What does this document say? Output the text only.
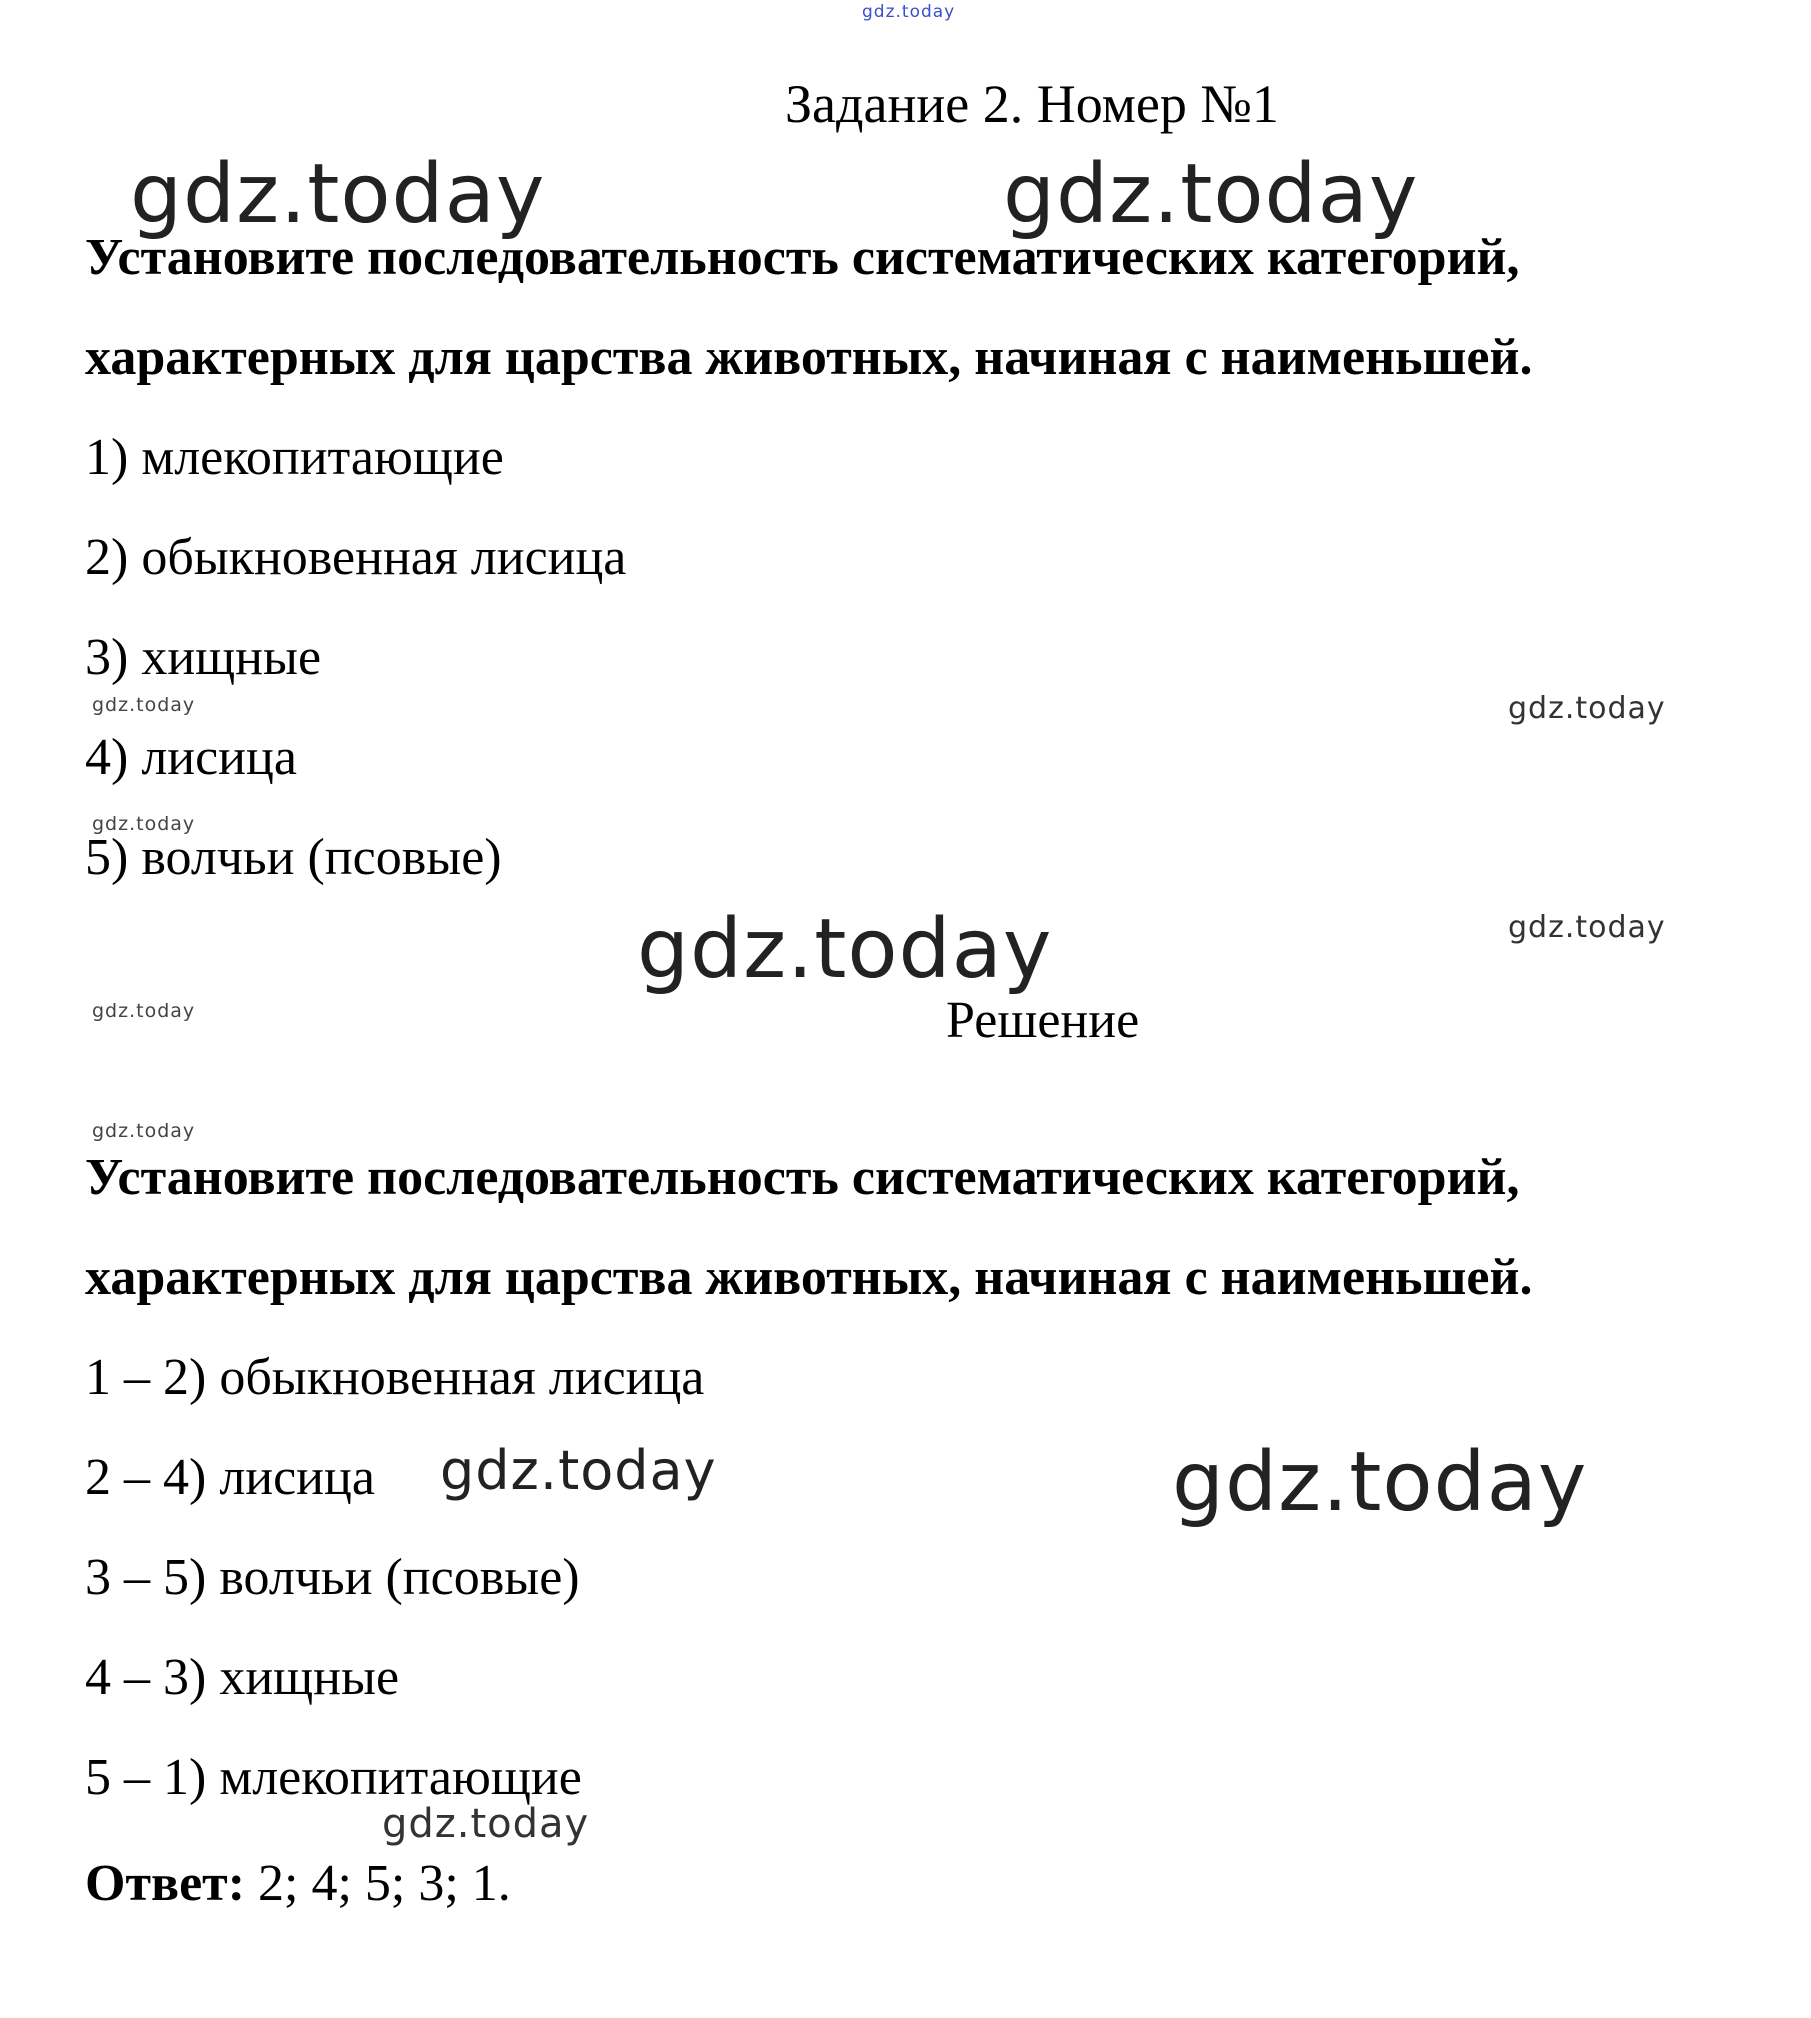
gdz.today
Задание 2. Номер №1
gdz.today	gdz.today
Установите последовательность систематических категорий,
характерных для царства животных, начиная с наименьшей.
1) млекопитающие
2) обыкновенная лисица
3) хищные
gdz.today	gdz.today
4) лисица
gdz.today
5) волчьи (псовые)
gdz.today	gdz.today
gdz.today	Решение
gdz.today
Установите последовательность систематических категорий,
характерных для царства животных, начиная с наименьшей.
1 – 2) обыкновенная лисица
2 – 4) лисица gdz.today	gdz.today
3 – 5) волчьи (псовые)
4 – 3) хищные
5 – 1) млекопитающие
gdz.today
Ответ: 2; 4; 5; 3; 1.
